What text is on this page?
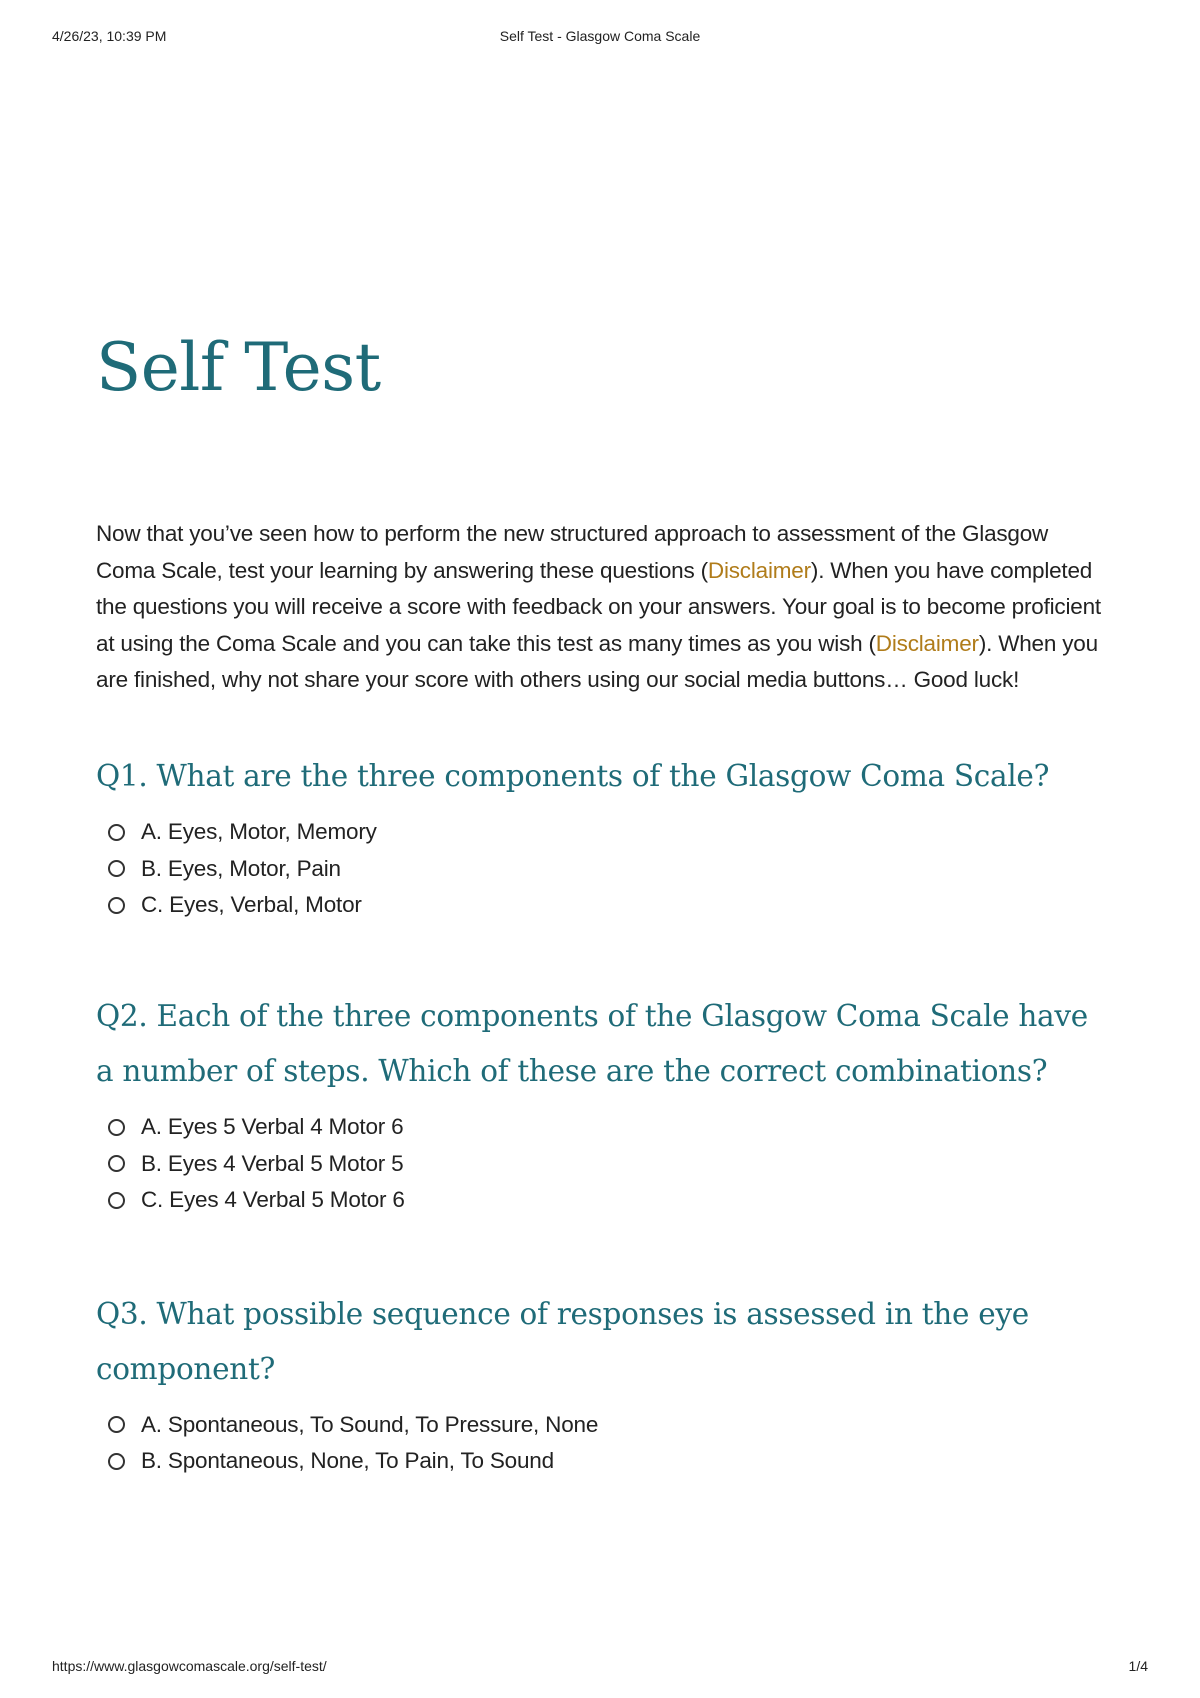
4/26/23, 10:39 PM	Self Test - Glasgow Coma Scale
Self Test

Now that you’ve seen how to perform the new structured approach to assessment of the Glasgow Coma Scale, test your learning by answering these questions (Disclaimer). When you have completed the questions you will receive a score with feedback on your answers. Your goal is to become proficient at using the Coma Scale and you can take this test as many times as you wish (Disclaimer). When you are finished, why not share your score with others using our social media buttons… Good luck!

Q1. What are the three components of the Glasgow Coma Scale?
A. Eyes, Motor, Memory
B. Eyes, Motor, Pain
C. Eyes, Verbal, Motor
Q2. Each of the three components of the Glasgow Coma Scale have a number of steps. Which of these are the correct combinations?
A. Eyes 5 Verbal 4 Motor 6
B. Eyes 4 Verbal 5 Motor 5
C. Eyes 4 Verbal 5 Motor 6
Q3. What possible sequence of responses is assessed in the eye component?
A. Spontaneous, To Sound, To Pressure, None
B. Spontaneous, None, To Pain, To Sound
https://www.glasgowcomascale.org/self-test/	1/4
